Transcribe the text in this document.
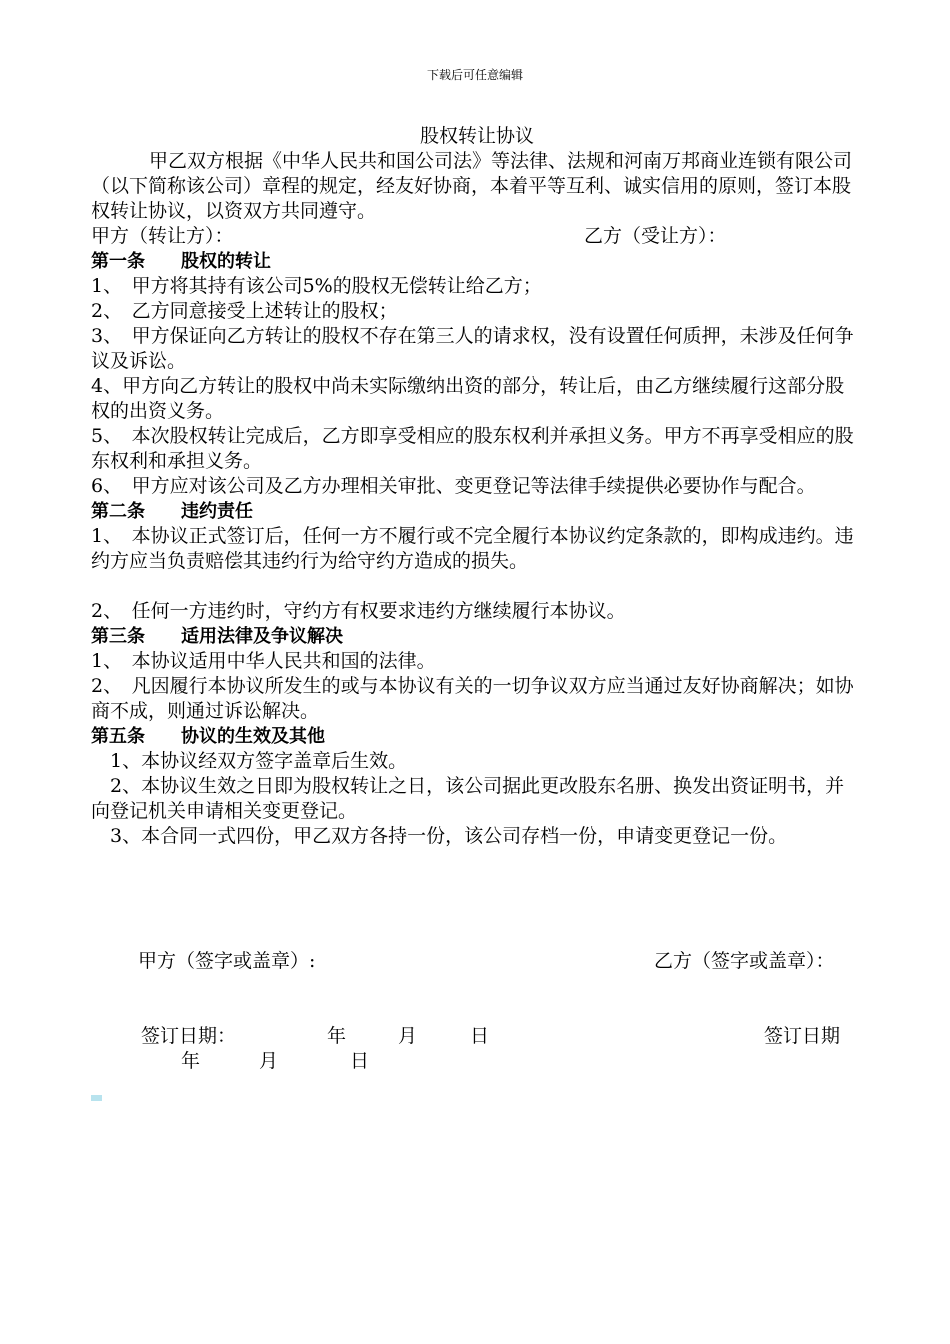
下载后可任意编辑

股权转让协议

甲乙双方根据《中华人民共和国公司法》等法律、法规和河南万邦商业连锁有限公司（以下简称该公司）章程的规定，经友好协商，本着平等互利、诚实信用的原则，签订本股权转让协议，以资双方共同遵守。

甲方（转让方）：	乙方（受让方）：

第一条　　股权的转让

1、　甲方将其持有该公司5%的股权无偿转让给乙方；

2、　乙方同意接受上述转让的股权；

3、　甲方保证向乙方转让的股权不存在第三人的请求权，没有设置任何质押，未涉及任何争议及诉讼。

4、甲方向乙方转让的股权中尚未实际缴纳出资的部分，转让后，由乙方继续履行这部分股权的出资义务。

5、　本次股权转让完成后，乙方即享受相应的股东权利并承担义务。甲方不再享受相应的股东权利和承担义务。

6、　甲方应对该公司及乙方办理相关审批、变更登记等法律手续提供必要协作与配合。

第二条　　违约责任

1、　本协议正式签订后，任何一方不履行或不完全履行本协议约定条款的，即构成违约。违约方应当负责赔偿其违约行为给守约方造成的损失。

2、　任何一方违约时，守约方有权要求违约方继续履行本协议。

第三条　　适用法律及争议解决

1、　本协议适用中华人民共和国的法律。

2、　凡因履行本协议所发生的或与本协议有关的一切争议双方应当通过友好协商解决；如协商不成，则通过诉讼解决。

第五条　　协议的生效及其他

1、本协议经双方签字盖章后生效。

2、本协议生效之日即为股权转让之日，该公司据此更改股东名册、换发出资证明书，并向登记机关申请相关变更登记。

3、本合同一式四份，甲乙双方各持一份，该公司存档一份，申请变更登记一份。

甲方（签字或盖章）:	乙方（签字或盖章）：
签订日期：	年	月	日	签订日期
年	月	日
